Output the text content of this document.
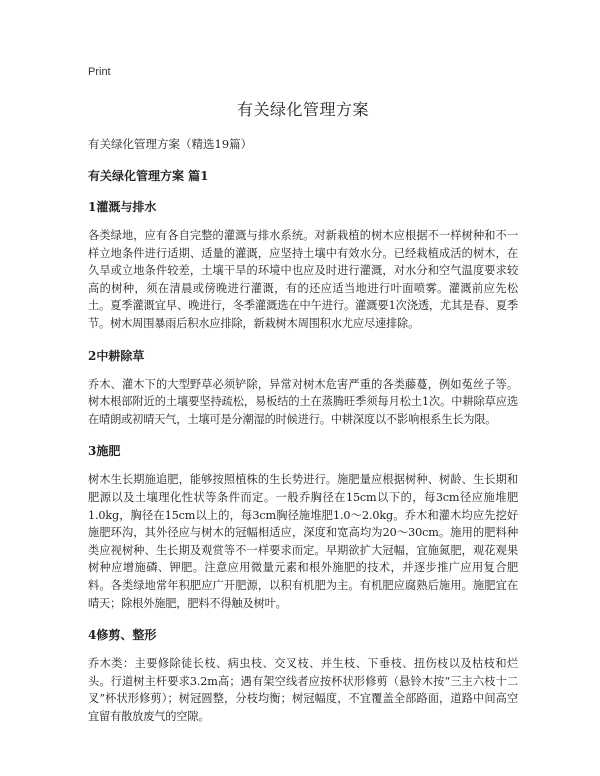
Print
有关绿化管理方案
有关绿化管理方案（精选19篇）
有关绿化管理方案 篇1
1灌溉与排水

各类绿地，应有各自完整的灌溉与排水系统。对新栽植的树木应根据不一样树种和不一样立地条件进行适期、适量的灌溉，应坚持土壤中有效水分。已经栽植成活的树木，在久旱或立地条件较差，土壤干旱的环境中也应及时进行灌溉，对水分和空气温度要求较高的树种，须在清晨或傍晚进行灌溉，有的还应适当地进行叶面喷雾。灌溉前应先松土。夏季灌溉宜早、晚进行，冬季灌溉选在中午进行。灌溉要1次浇透，尤其是春、夏季节。树木周围暴雨后积水应排除，新栽树木周围积水尤应尽速排除。

2中耕除草

乔木、灌木下的大型野草必须铲除，异常对树木危害严重的各类藤蔓，例如菟丝子等。树木根部附近的土壤要坚持疏松，易板结的土在蒸腾旺季须每月松土1次。中耕除草应选在晴朗或初晴天气，土壤可是分潮湿的时候进行。中耕深度以不影响根系生长为限。

3施肥

树木生长期施追肥，能够按照植株的生长势进行。施肥量应根据树种、树龄、生长期和肥源以及土壤理化性状等条件而定。一般乔胸径在15cm以下的，每3cm径应施堆肥1.0kg，胸径在15cm以上的，每3cm胸径施堆肥1.0～2.0kg。乔木和灌木均应先挖好施肥环沟，其外径应与树木的冠幅相适应，深度和宽高均为20～30cm。施用的肥料种类应视树种、生长期及观赏等不一样要求而定。早期欲扩大冠幅，宜施氮肥，观花观果树种应增施磷、钾肥。注意应用微量元素和根外施肥的技术，并逐步推广应用复合肥料。各类绿地常年积肥应广开肥源，以积有机肥为主。有机肥应腐熟后施用。施肥宜在晴天；除根外施肥，肥料不得触及树叶。

4修剪、整形

乔木类：主要修除徒长枝、病虫枝、交叉枝、并生枝、下垂枝、扭伤枝以及枯枝和烂头。行道树主杆要求3.2m高；遇有架空线者应按杯状形修剪（悬铃木按“三主六枝十二叉”杯状形修剪）；树冠圆整，分枝均衡；树冠幅度，不宜覆盖全部路面，道路中间高空宜留有散放废气的空隙。
